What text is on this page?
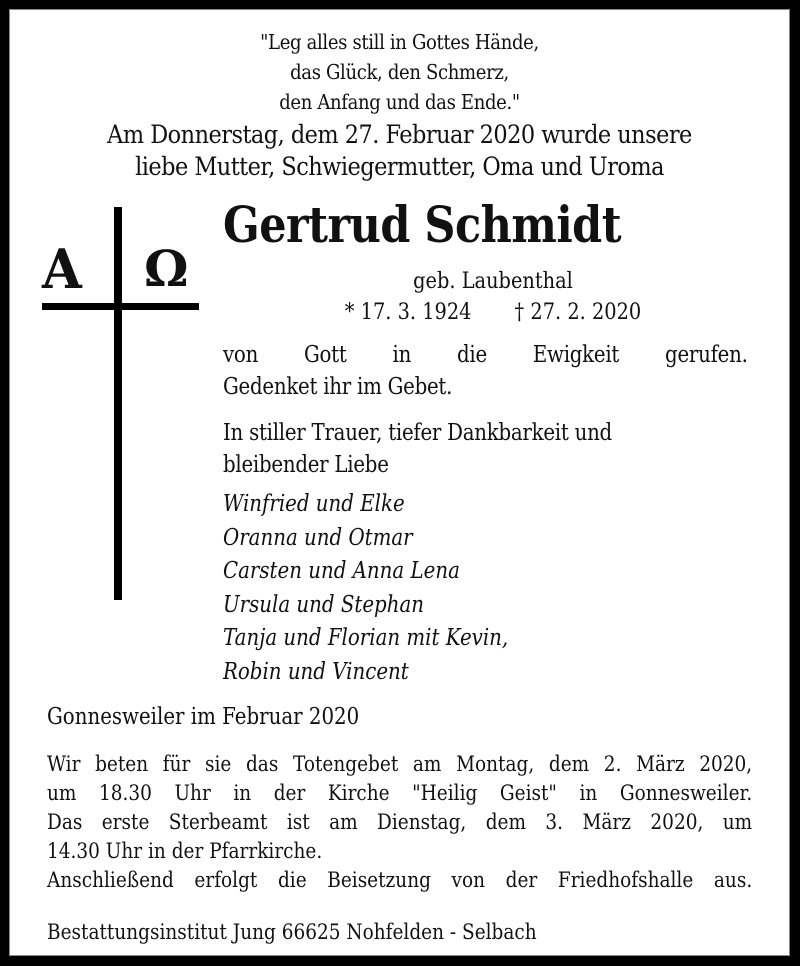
"Leg alles still in Gottes Hände,
das Glück, den Schmerz,
den Anfang und das Ende."
Am Donnerstag, dem 27. Februar 2020 wurde unsere
liebe Mutter, Schwiegermutter, Oma und Uroma
A Ω
Gertrud Schmidt
geb. Laubenthal
* 17. 3. 1924       † 27. 2. 2020
von Gott in die Ewigkeit gerufen.
Gedenket ihr im Gebet.
In stiller Trauer, tiefer Dankbarkeit und
bleibender Liebe
Winfried und Elke
Oranna und Otmar
Carsten und Anna Lena
Ursula und Stephan
Tanja und Florian mit Kevin,
Robin und Vincent
Gonnesweiler im Februar 2020
Wir beten für sie das Totengebet am Montag, dem 2. März 2020,
um 18.30 Uhr in der Kirche "Heilig Geist" in Gonnesweiler.
Das erste Sterbeamt ist am Dienstag, dem 3. März 2020, um
14.30 Uhr in der Pfarrkirche.
Anschließend erfolgt die Beisetzung von der Friedhofshalle aus.
Bestattungsinstitut Jung 66625 Nohfelden - Selbach
